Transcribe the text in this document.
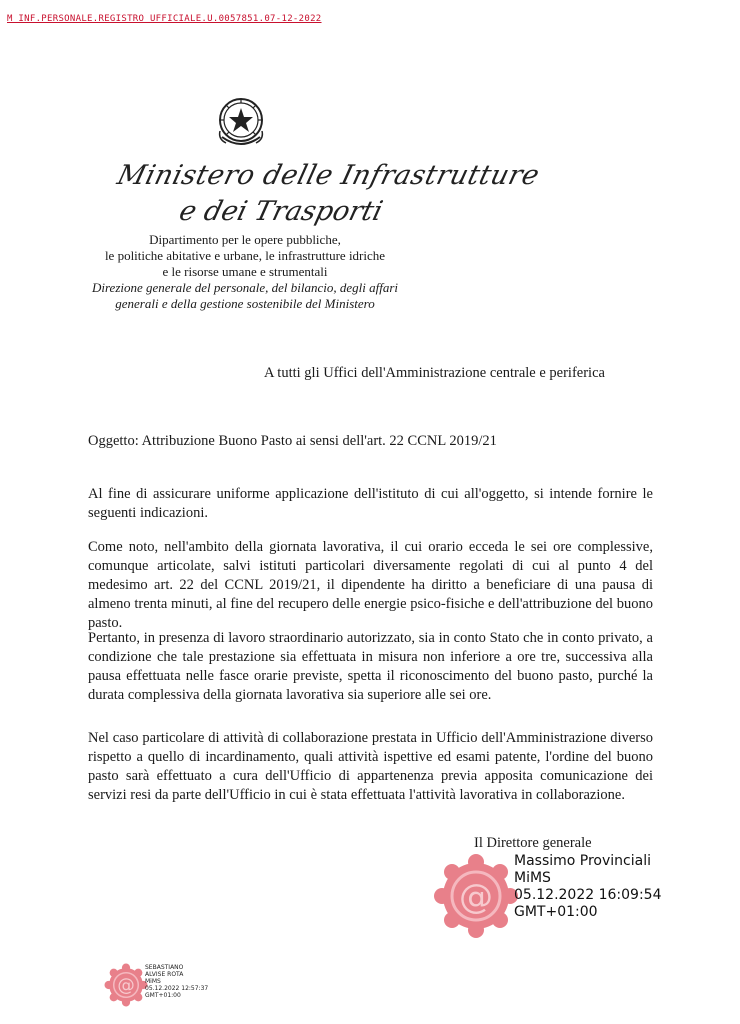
M_INF.PERSONALE.REGISTRO UFFICIALE.U.0057851.07-12-2022
Ministero delle Infrastrutture
e dei Trasporti
Dipartimento per le opere pubbliche,
le politiche abitative e urbane, le infrastrutture idriche
e le risorse umane e strumentali
Direzione generale del personale, del bilancio, degli affari
generali e della gestione sostenibile del Ministero
A tutti gli Uffici dell'Amministrazione centrale e periferica
Oggetto: Attribuzione Buono Pasto ai sensi dell'art. 22 CCNL 2019/21
Al fine di assicurare uniforme applicazione dell'istituto di cui all'oggetto, si intende fornire le seguenti indicazioni.
Come noto, nell'ambito della giornata lavorativa, il cui orario ecceda le sei ore complessive, comunque articolate, salvi istituti particolari diversamente regolati di cui al punto 4 del medesimo art. 22 del CCNL 2019/21, il dipendente ha diritto a beneficiare di una pausa di almeno trenta minuti, al fine del recupero delle energie psico-fisiche e dell'attribuzione del buono pasto.
Pertanto, in presenza di lavoro straordinario autorizzato, sia in conto Stato che in conto privato, a condizione che tale prestazione sia effettuata in misura non inferiore a ore tre, successiva alla pausa effettuata nelle fasce orarie previste, spetta il riconoscimento del buono pasto, purché la durata complessiva della giornata lavorativa sia superiore alle sei ore.
Nel caso particolare di attività di collaborazione prestata in Ufficio dell'Amministrazione diverso rispetto a quello di incardinamento, quali attività ispettive ed esami patente, l'ordine del buono pasto sarà effettuato a cura dell'Ufficio di appartenenza previa apposita comunicazione dei servizi resi da parte dell'Ufficio in cui è stata effettuata l'attività lavorativa in collaborazione.
Il Direttore generale
@
Massimo Provinciali
MiMS
05.12.2022 16:09:54
GMT+01:00
@
SEBASTIANO
ALVISE ROTA
MiMS
05.12.2022 12:57:37
GMT+01:00
